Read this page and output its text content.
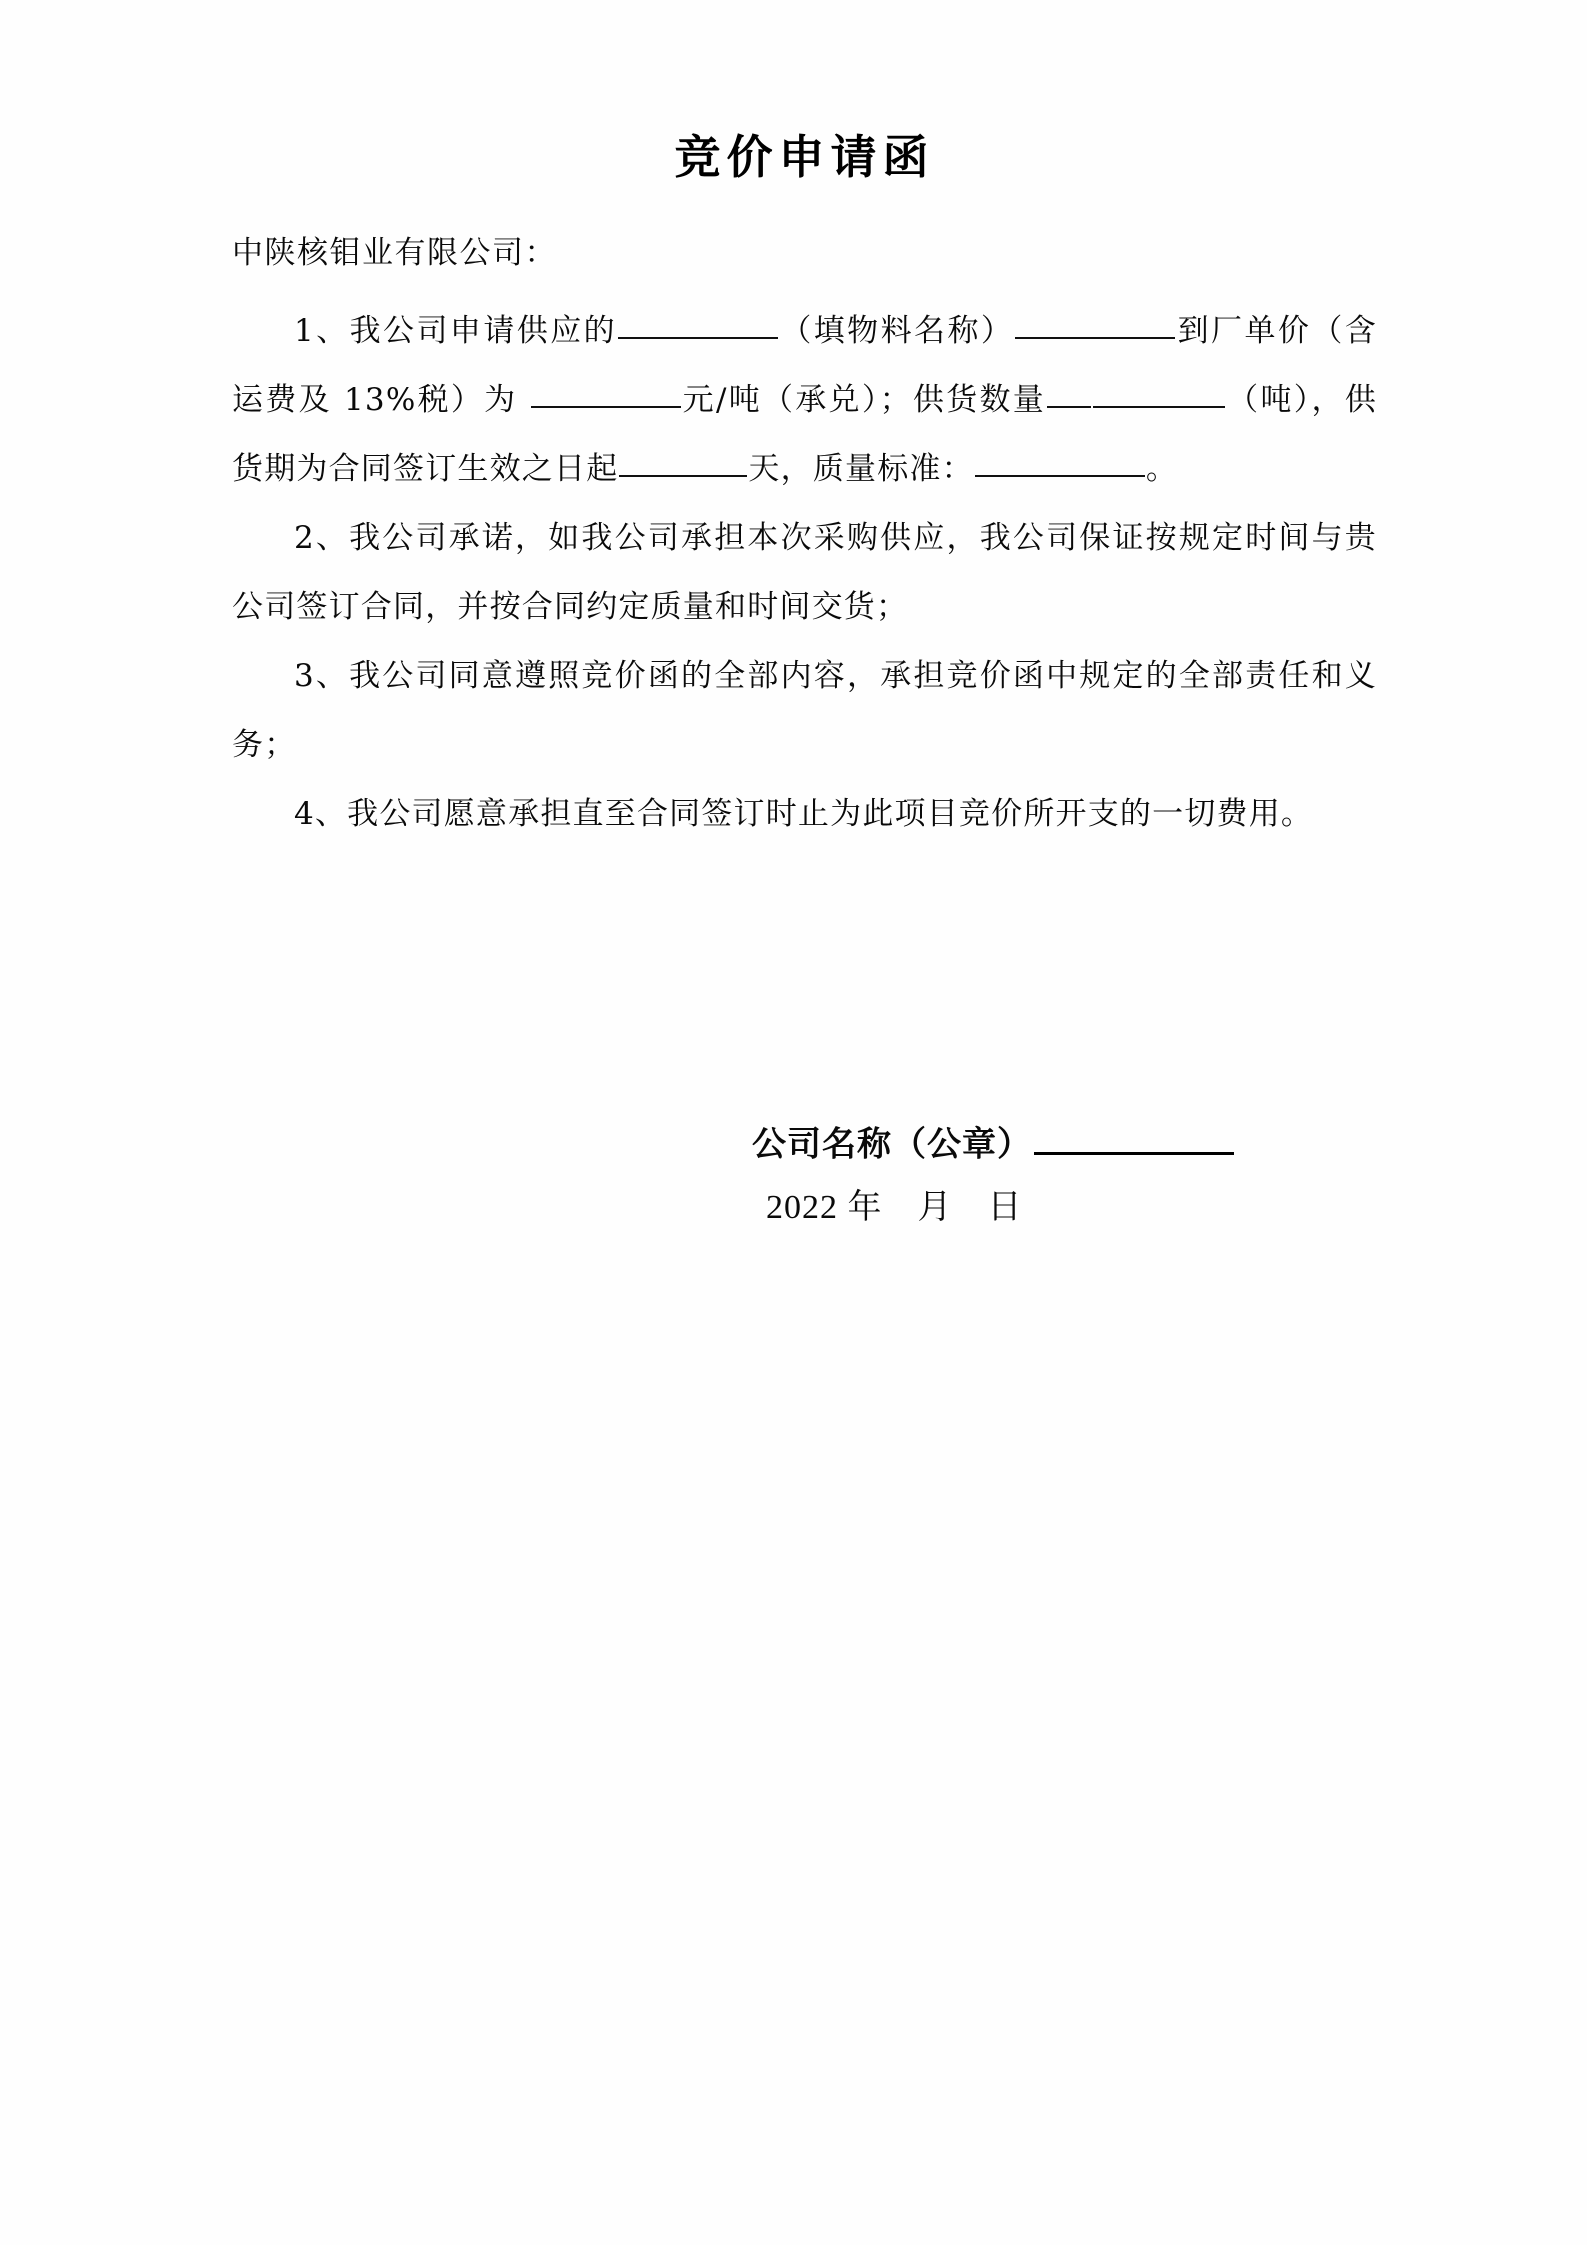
竞价申请函

中陕核钼业有限公司：

1、我公司申请供应的	（填物料名称）	到厂单价（含运费及 13%税）为	元/吨（承兑）；供货数量	（吨），供货期为合同签订生效之日起	天，质量标准：	。

2、我公司承诺，如我公司承担本次采购供应，我公司保证按规定时间与贵公司签订合同，并按合同约定质量和时间交货；

3、我公司同意遵照竞价函的全部内容，承担竞价函中规定的全部责任和义务；

4、我公司愿意承担直至合同签订时止为此项目竞价所开支的一切费用。

公司名称（公章）
2022 年　月　日
